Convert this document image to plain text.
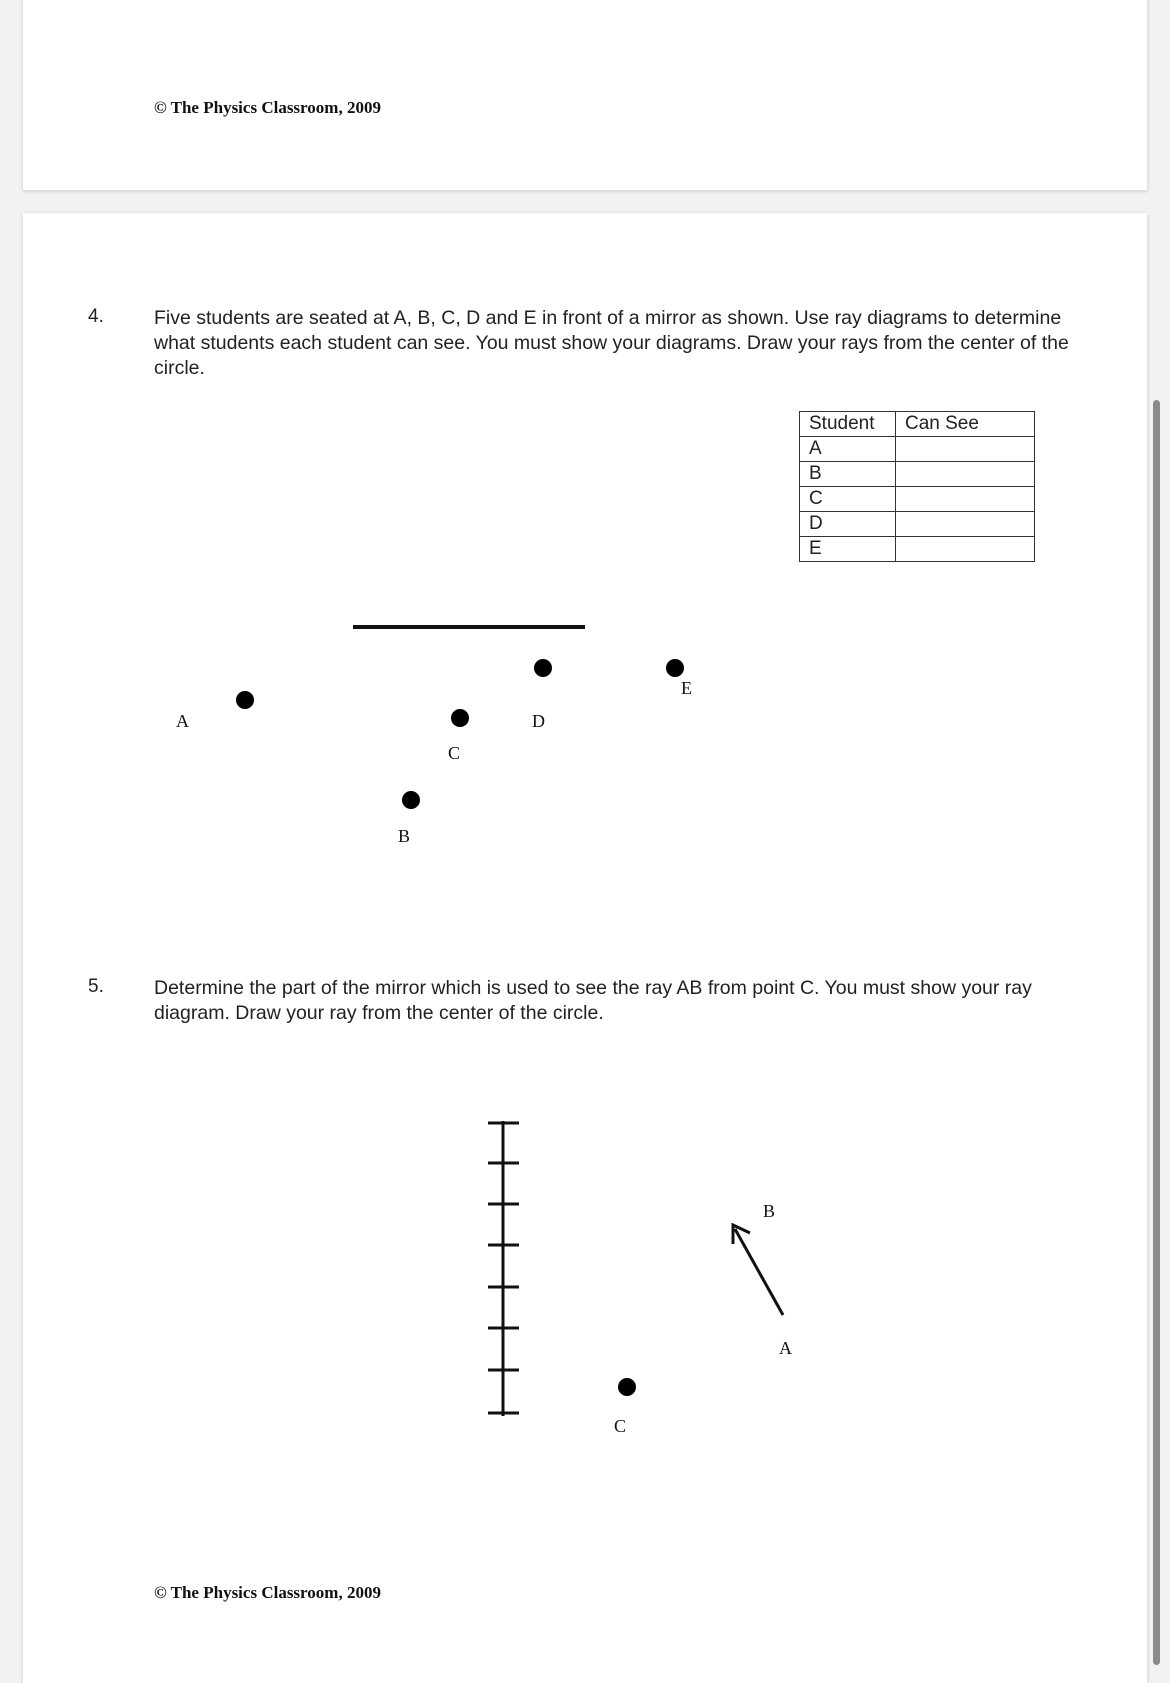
© The Physics Classroom, 2009
4.	Five students are seated at A, B, C, D and E in front of a mirror as shown. Use ray diagrams to determine what students each student can see. You must show your diagrams. Draw your rays from the center of the circle.
Student	Can See
A	
B	
C	
D	
E	
A
B
C
D
E
B
A
C
5.	Determine the part of the mirror which is used to see the ray AB from point C. You must show your ray diagram. Draw your ray from the center of the circle.
© The Physics Classroom, 2009
